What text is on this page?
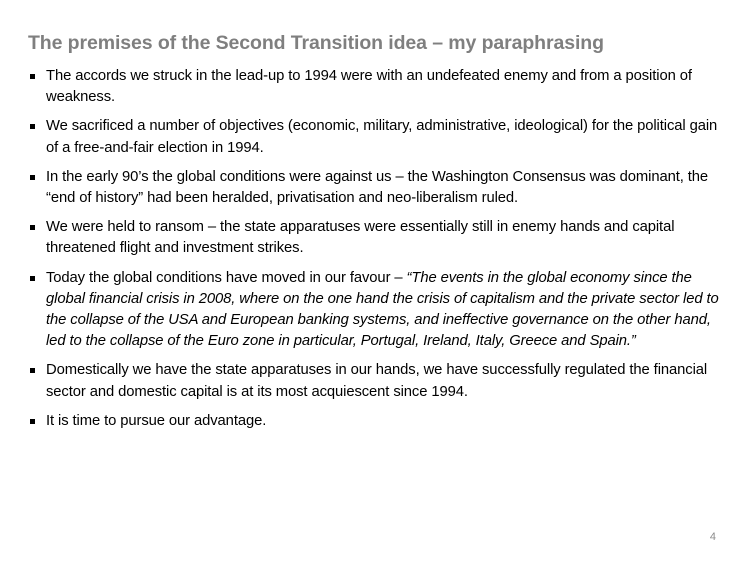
The premises of the Second Transition idea – my paraphrasing
The accords we struck in the lead-up to 1994 were with an undefeated enemy and from a position of weakness.
We sacrificed a number of objectives (economic, military, administrative, ideological) for the political gain of a free-and-fair election in 1994.
In the early 90’s the global conditions were against us – the Washington Consensus was dominant, the “end of history” had been heralded, privatisation and neo-liberalism ruled.
We were held to ransom – the state apparatuses were essentially still in enemy hands and capital threatened flight and investment strikes.
Today the global conditions have moved in our favour – “The events in the global economy since the global financial crisis in 2008, where on the one hand the crisis of capitalism and the private sector led to the collapse of the USA and European banking systems, and ineffective governance on the other hand, led to the collapse of the Euro zone in particular, Portugal, Ireland, Italy, Greece and Spain.”
Domestically we have the state apparatuses in our hands, we have successfully regulated the financial sector and domestic capital is at its most acquiescent since 1994.
It is time to pursue our advantage.
4
